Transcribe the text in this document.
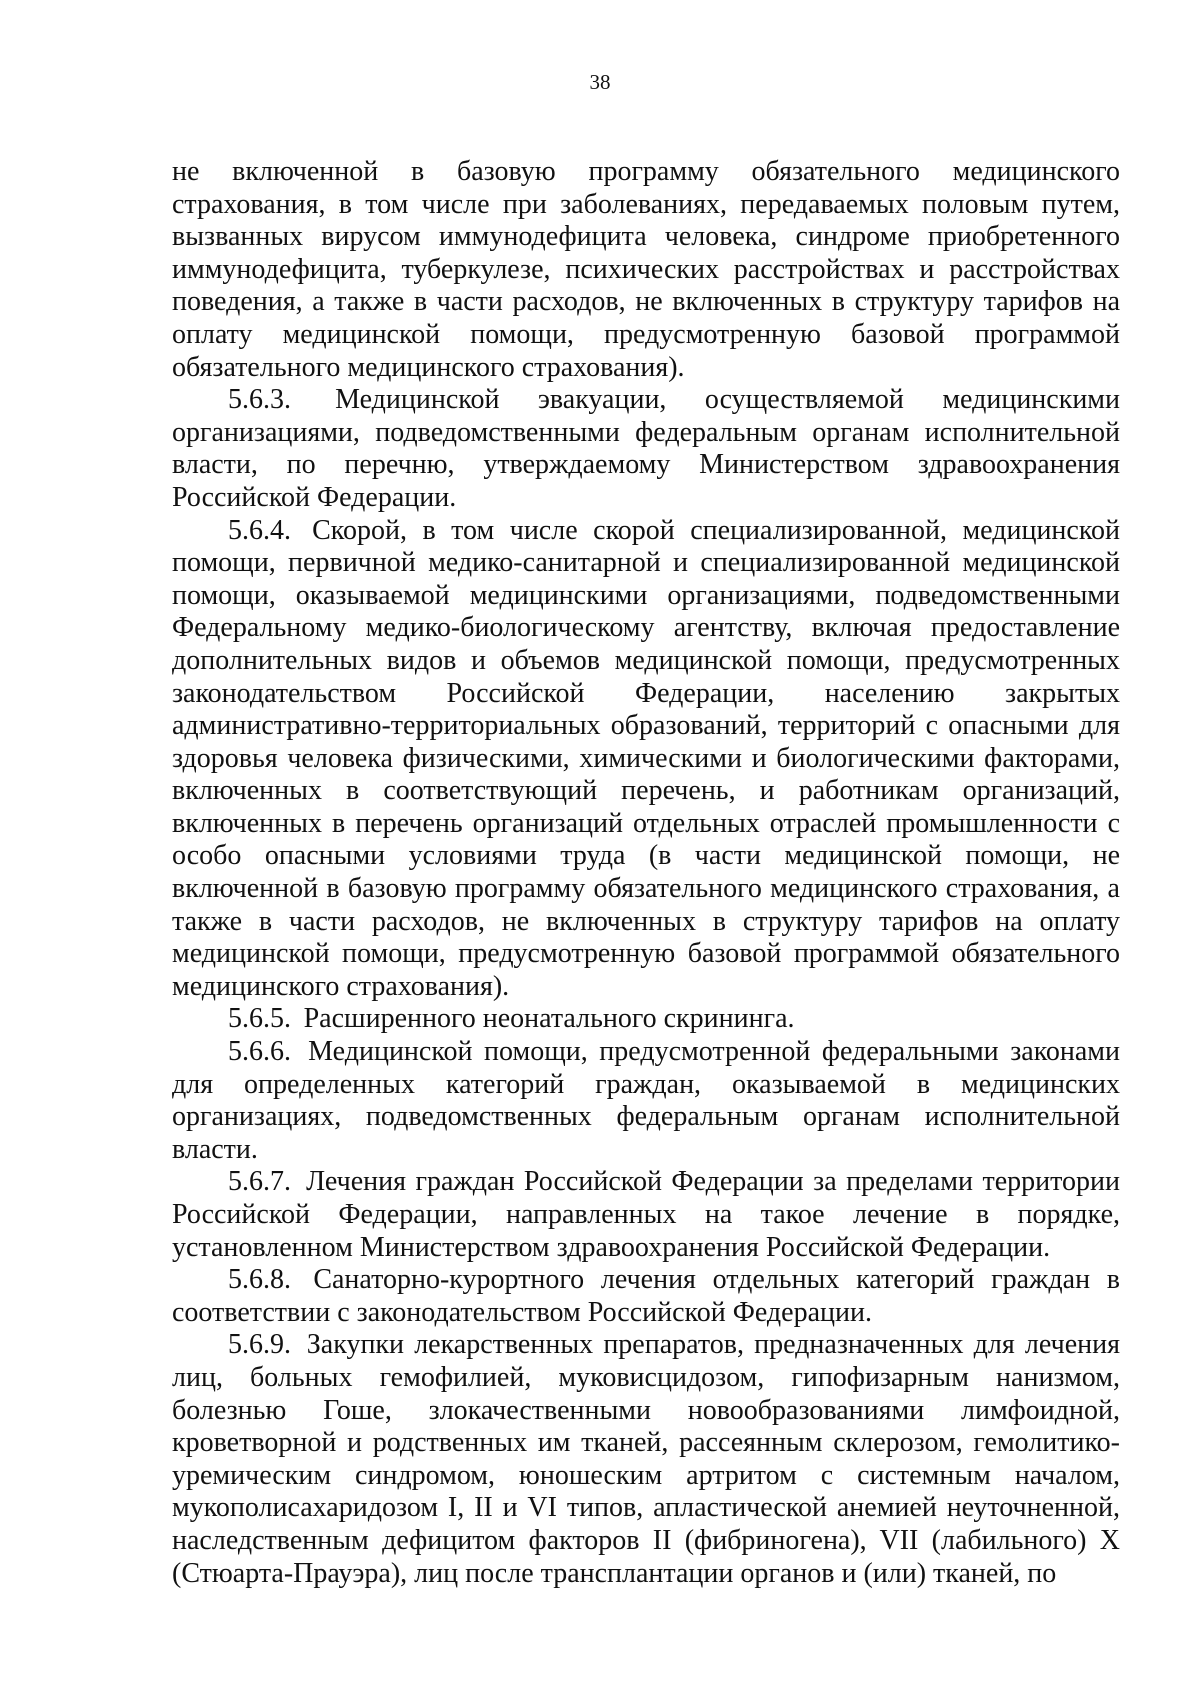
38

не включенной в базовую программу обязательного медицинского страхования, в том числе при заболеваниях, передаваемых половым путем, вызванных вирусом иммунодефицита человека, синдроме приобретенного иммунодефицита, туберкулезе, психических расстройствах и расстройствах поведения, а также в части расходов, не включенных в структуру тарифов на оплату медицинской помощи, предусмотренную базовой программой обязательного медицинского страхования).

5.6.3. Медицинской эвакуации, осуществляемой медицинскими организациями, подведомственными федеральным органам исполнительной власти, по перечню, утверждаемому Министерством здравоохранения Российской Федерации.

5.6.4. Скорой, в том числе скорой специализированной, медицинской помощи, первичной медико-санитарной и специализированной медицинской помощи, оказываемой медицинскими организациями, подведомственными Федеральному медико-биологическому агентству, включая предоставление дополнительных видов и объемов медицинской помощи, предусмотренных законодательством Российской Федерации, населению закрытых административно-территориальных образований, территорий с опасными для здоровья человека физическими, химическими и биологическими факторами, включенных в соответствующий перечень, и работникам организаций, включенных в перечень организаций отдельных отраслей промышленности с особо опасными условиями труда (в части медицинской помощи, не включенной в базовую программу обязательного медицинского страхования, а также в части расходов, не включенных в структуру тарифов на оплату медицинской помощи, предусмотренную базовой программой обязательного медицинского страхования).

5.6.5. Расширенного неонатального скрининга.

5.6.6. Медицинской помощи, предусмотренной федеральными законами для определенных категорий граждан, оказываемой в медицинских организациях, подведомственных федеральным органам исполнительной власти.

5.6.7. Лечения граждан Российской Федерации за пределами территории Российской Федерации, направленных на такое лечение в порядке, установленном Министерством здравоохранения Российской Федерации.

5.6.8. Санаторно-курортного лечения отдельных категорий граждан в соответствии с законодательством Российской Федерации.

5.6.9. Закупки лекарственных препаратов, предназначенных для лечения лиц, больных гемофилией, муковисцидозом, гипофизарным нанизмом, болезнью Гоше, злокачественными новообразованиями лимфоидной, кроветворной и родственных им тканей, рассеянным склерозом, гемолитико-уремическим синдромом, юношеским артритом с системным началом, мукополисахаридозом I, II и VI типов, апластической анемией неуточненной, наследственным дефицитом факторов II (фибриногена), VII (лабильного) X (Стюарта-Прауэра), лиц после трансплантации органов и (или) тканей, по
